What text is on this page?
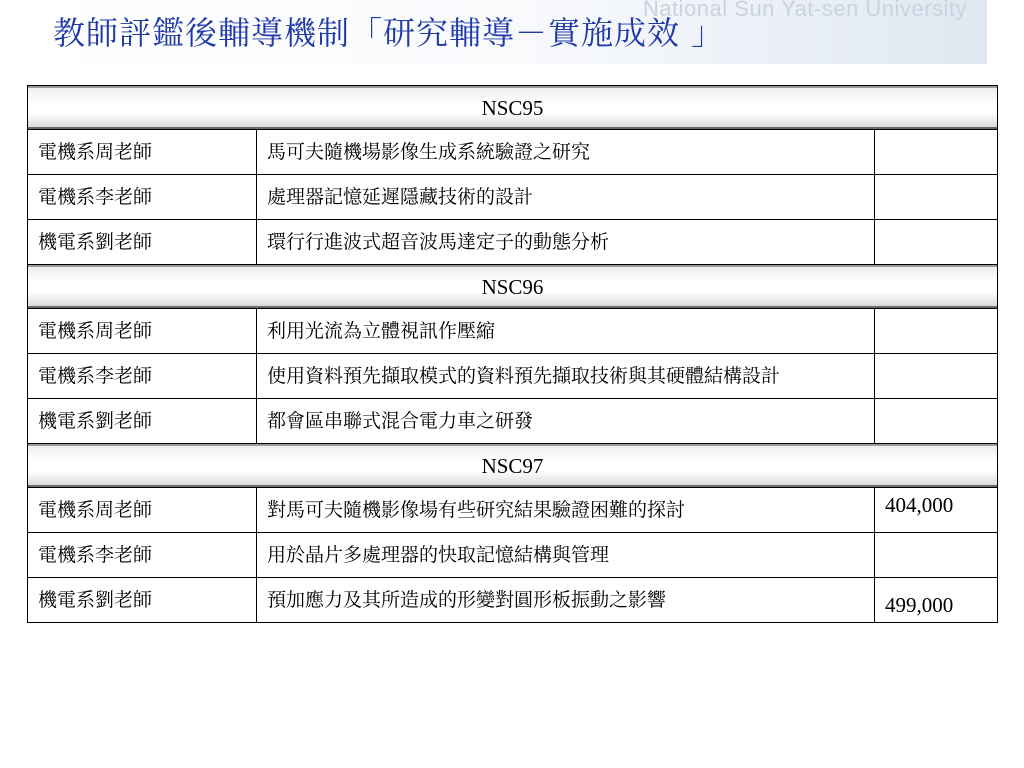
National Sun Yat-sen University
教師評鑑後輔導機制「研究輔導－實施成效 」
NSC95		
電機系周老師	馬可夫隨機場影像生成系統驗證之研究	
電機系李老師	處理器記憶延遲隱藏技術的設計	
機電系劉老師	環行行進波式超音波馬達定子的動態分析	
NSC96		
電機系周老師	利用光流為立體視訊作壓縮	
電機系李老師	使用資料預先擷取模式的資料預先擷取技術與其硬體結構設計	
機電系劉老師	都會區串聯式混合電力車之研發	
NSC97		
電機系周老師	對馬可夫隨機影像場有些研究結果驗證困難的探討	404,000
電機系李老師	用於晶片多處理器的快取記憶結構與管理	
機電系劉老師	預加應力及其所造成的形變對圓形板振動之影響	499,000
